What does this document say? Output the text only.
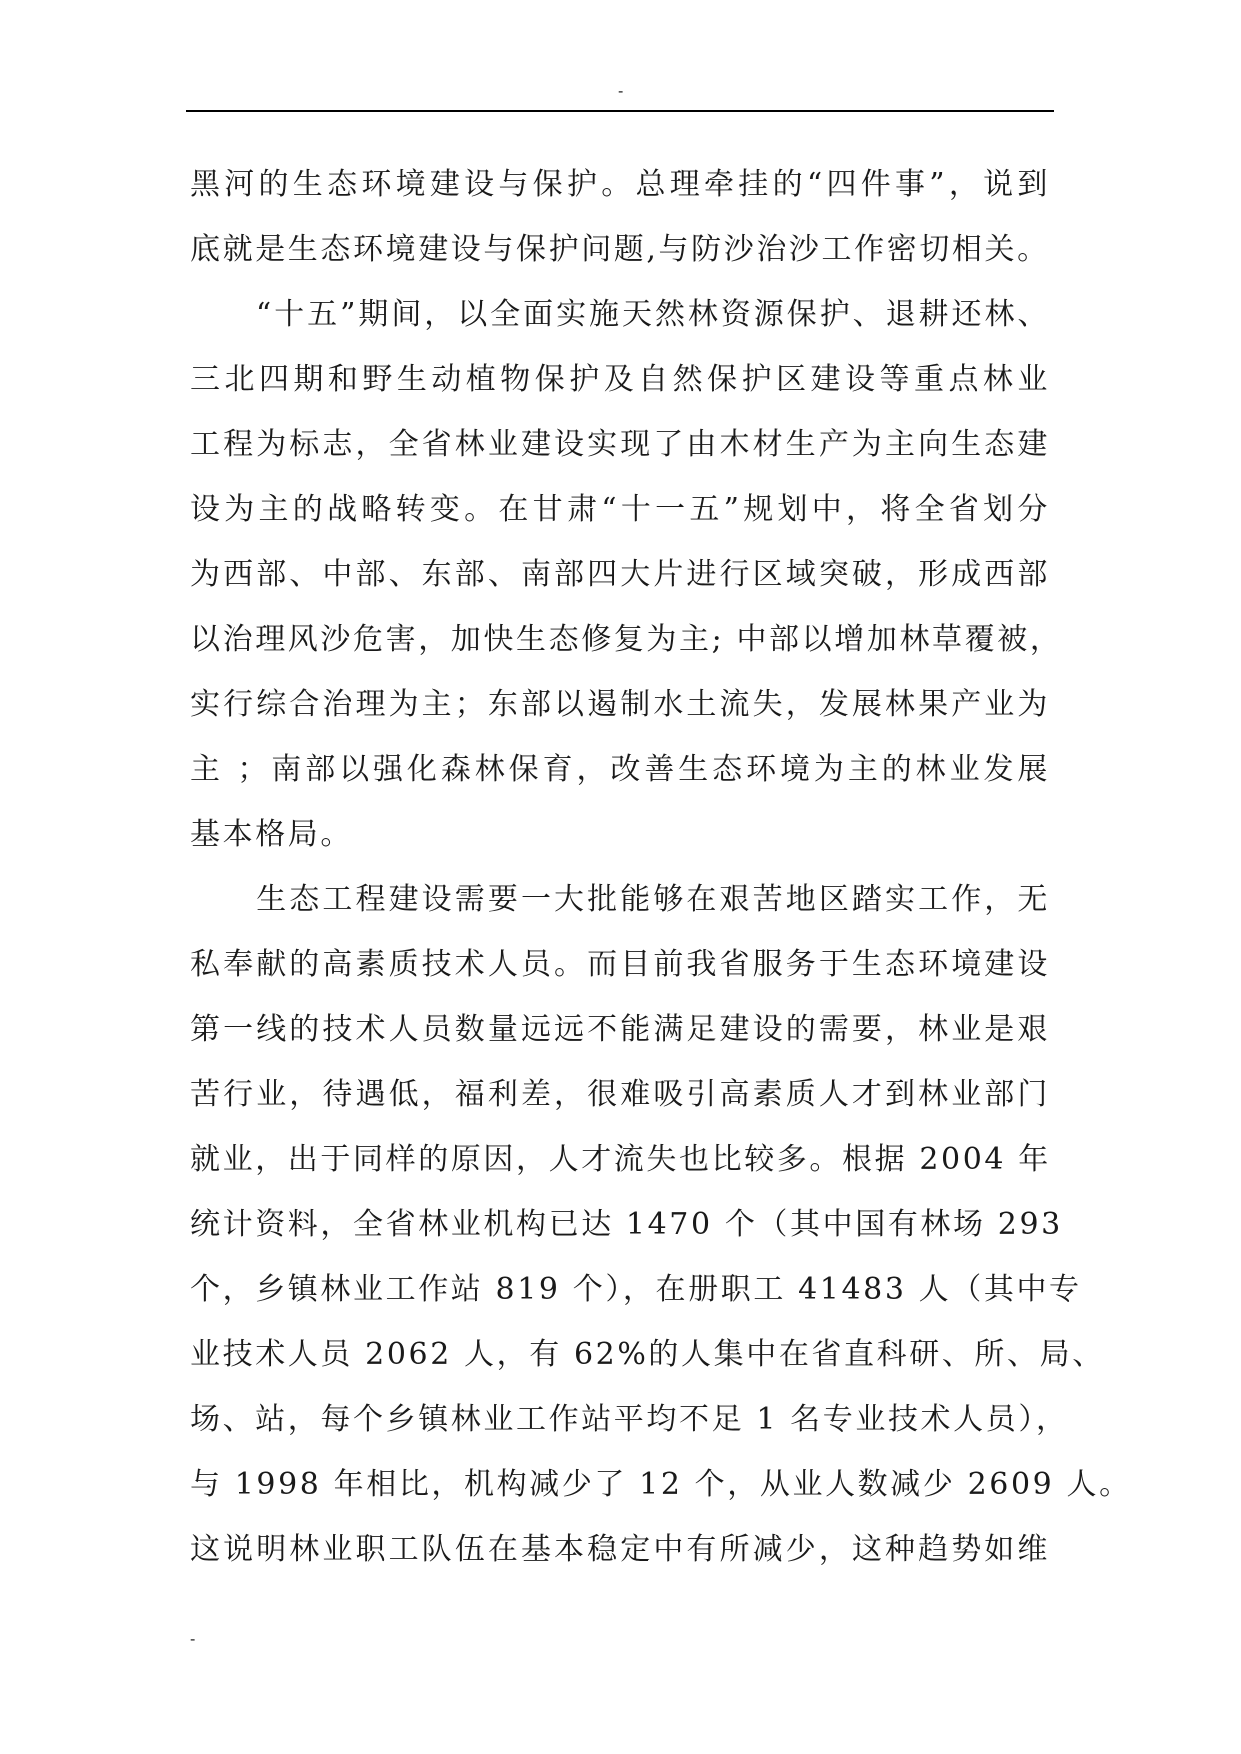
-
黑河的生态环境建设与保护。总理牵挂的“四件事”，说到
底就是生态环境建设与保护问题,与防沙治沙工作密切相关。
　　“十五”期间，以全面实施天然林资源保护、退耕还林、
三北四期和野生动植物保护及自然保护区建设等重点林业
工程为标志，全省林业建设实现了由木材生产为主向生态建
设为主的战略转变。在甘肃“十一五”规划中，将全省划分
为西部、中部、东部、南部四大片进行区域突破，形成西部
以治理风沙危害，加快生态修复为主; 中部以增加林草覆被，
实行综合治理为主；东部以遏制水土流失，发展林果产业为
主 ；南部以强化森林保育，改善生态环境为主的林业发展
基本格局。
　　生态工程建设需要一大批能够在艰苦地区踏实工作，无
私奉献的高素质技术人员。而目前我省服务于生态环境建设
第一线的技术人员数量远远不能满足建设的需要，林业是艰
苦行业，待遇低，福利差，很难吸引高素质人才到林业部门
就业，出于同样的原因，人才流失也比较多。根据 2004 年
统计资料，全省林业机构已达 1470 个（其中国有林场 293
个，乡镇林业工作站 819 个），在册职工 41483 人（其中专
业技术人员 2062 人，有 62%的人集中在省直科研、所、局、
场、站，每个乡镇林业工作站平均不足 1 名专业技术人员），
与 1998 年相比，机构减少了 12 个，从业人数减少 2609 人。
这说明林业职工队伍在基本稳定中有所减少，这种趋势如维
-
